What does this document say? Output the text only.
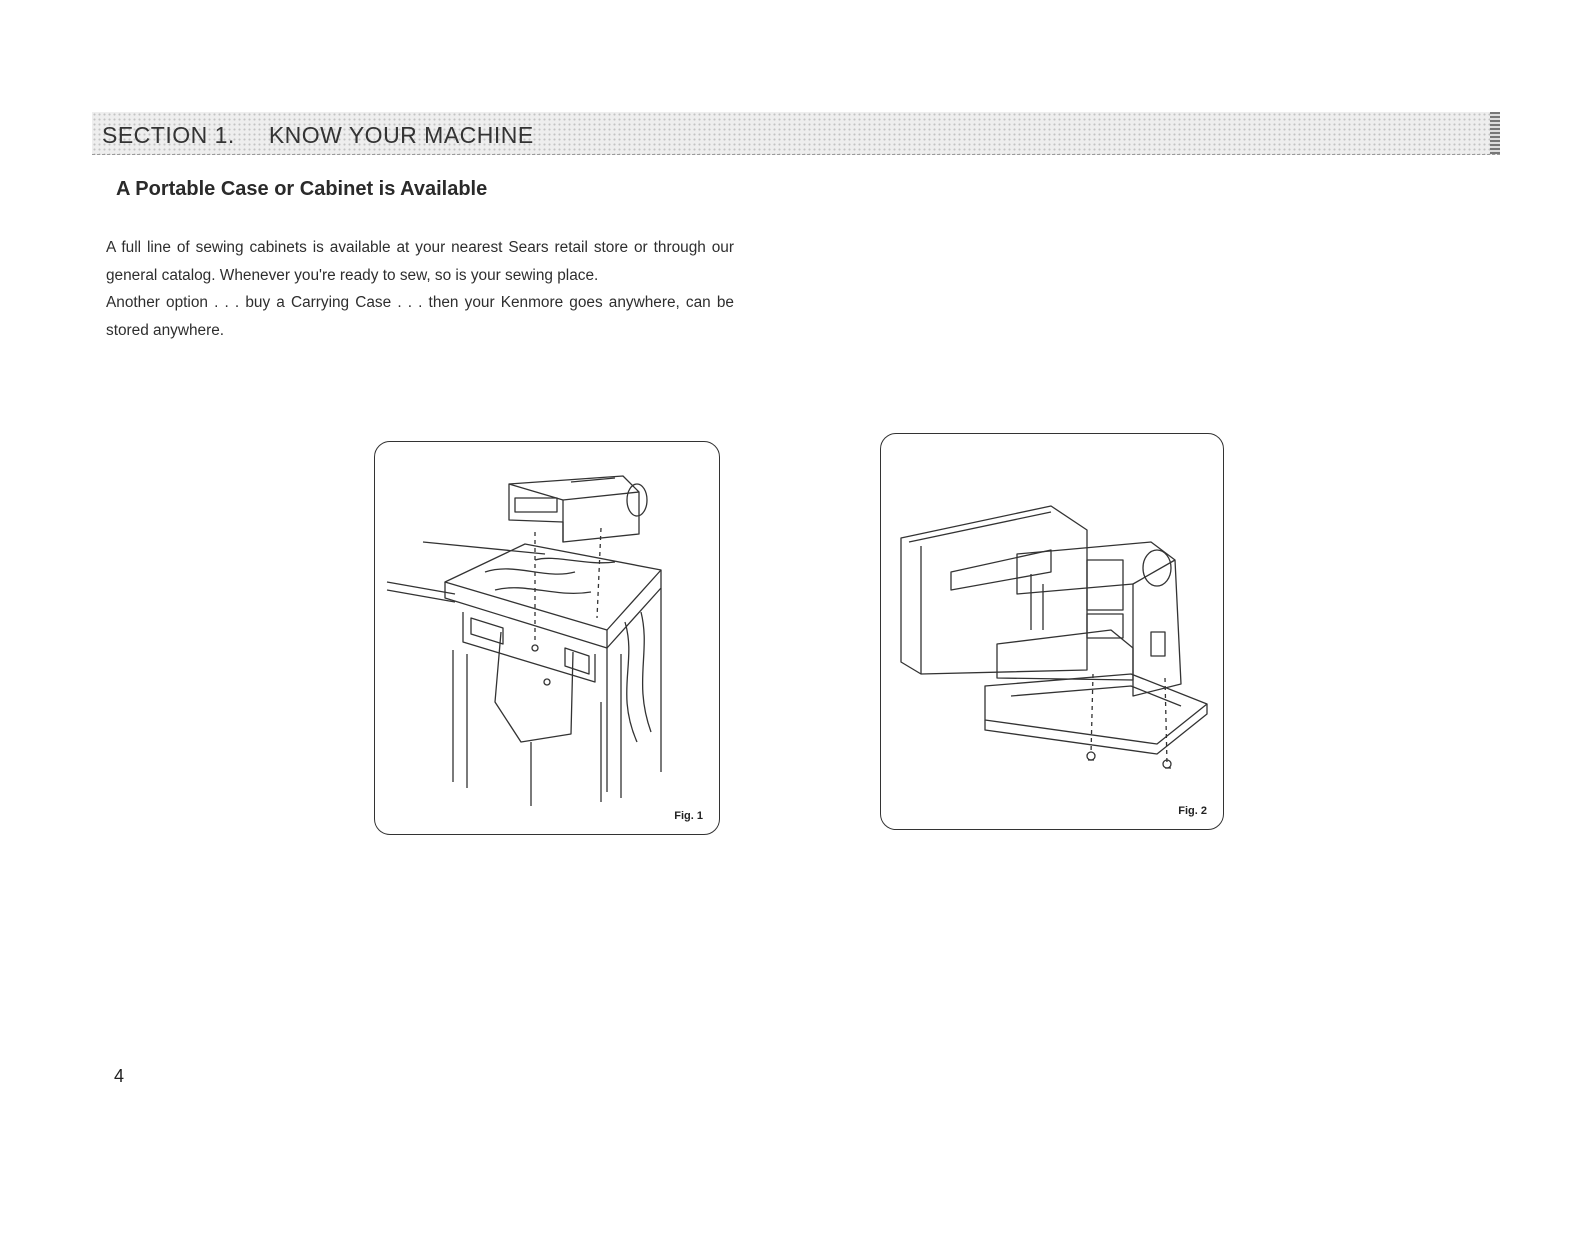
SECTION 1. KNOW YOUR MACHINE
A Portable Case or Cabinet is Available

A full line of sewing cabinets is available at your nearest Sears retail store or through our general catalog. Whenever you're ready to sew, so is your sewing place.

Another option . . . buy a Carrying Case . . . then your Kenmore goes anywhere, can be stored anywhere.

Fig. 1	Fig. 2
4
